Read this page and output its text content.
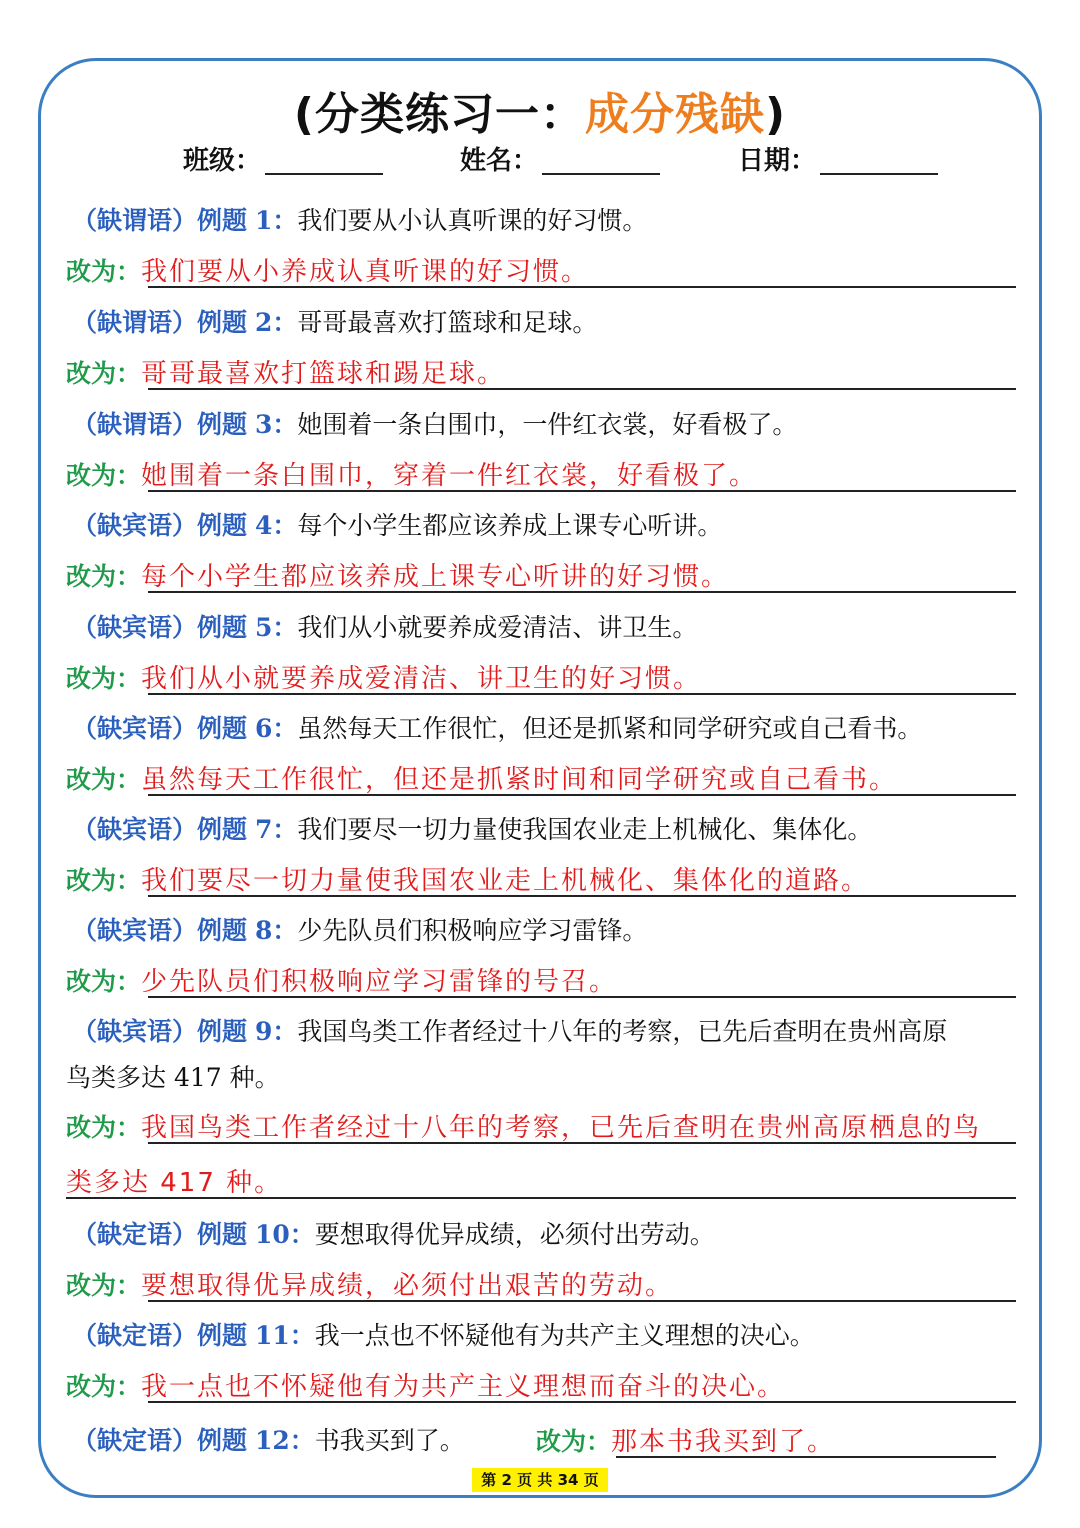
(分类练习一：成分残缺)
班级：	姓名：	日期：
（缺谓语）例题 1：我们要从小认真听课的好习惯。
改为：我们要从小养成认真听课的好习惯。
（缺谓语）例题 2：哥哥最喜欢打篮球和足球。
改为：哥哥最喜欢打篮球和踢足球。
（缺谓语）例题 3：她围着一条白围巾，一件红衣裳，好看极了。
改为：她围着一条白围巾，穿着一件红衣裳，好看极了。
（缺宾语）例题 4：每个小学生都应该养成上课专心听讲。
改为：每个小学生都应该养成上课专心听讲的好习惯。
（缺宾语）例题 5：我们从小就要养成爱清洁、讲卫生。
改为：我们从小就要养成爱清洁、讲卫生的好习惯。
（缺宾语）例题 6：虽然每天工作很忙，但还是抓紧和同学研究或自己看书。
改为：虽然每天工作很忙，但还是抓紧时间和同学研究或自己看书。
（缺宾语）例题 7：我们要尽一切力量使我国农业走上机械化、集体化。
改为：我们要尽一切力量使我国农业走上机械化、集体化的道路。
（缺宾语）例题 8：少先队员们积极响应学习雷锋。
改为：少先队员们积极响应学习雷锋的号召。
（缺宾语）例题 9：我国鸟类工作者经过十八年的考察，已先后查明在贵州高原
鸟类多达 417 种。
改为：我国鸟类工作者经过十八年的考察，已先后查明在贵州高原栖息的鸟
类多达 417 种。
（缺定语）例题 10：要想取得优异成绩，必须付出劳动。
改为：要想取得优异成绩，必须付出艰苦的劳动。
（缺定语）例题 11：我一点也不怀疑他有为共产主义理想的决心。
改为：我一点也不怀疑他有为共产主义理想而奋斗的决心。
（缺定语）例题 12：书我买到了。	改为：那本书我买到了。
第 2 页 共 34 页
